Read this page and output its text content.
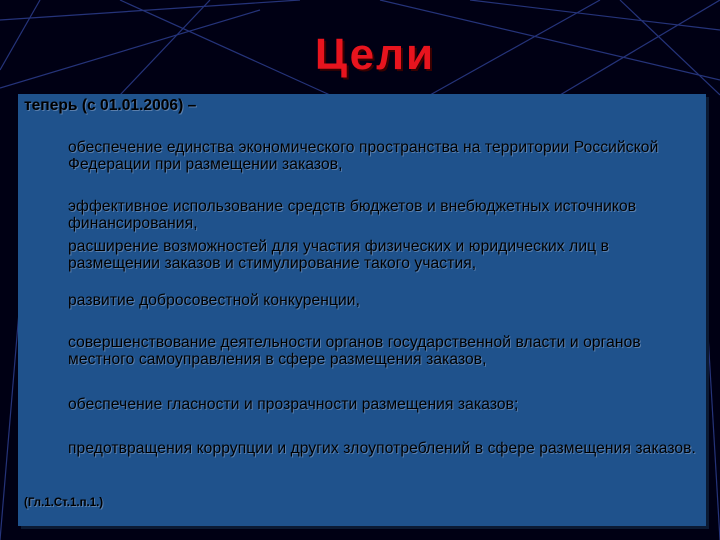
Цели
теперь (с 01.01.2006) –
обеспечение единства экономического пространства на территории Российской Федерации при размещении заказов,
эффективное использование средств бюджетов и внебюджетных источников финансирования,
расширение возможностей для участия физических и юридических лиц в размещении заказов и стимулирование такого участия,
развитие добросовестной конкуренции,
совершенствование деятельности органов государственной власти и органов местного самоуправления в сфере размещения заказов,
обеспечение гласности и прозрачности размещения заказов;
предотвращения коррупции и других злоупотреблений в сфере размещения заказов.
(Гл.1.Ст.1.п.1.)
